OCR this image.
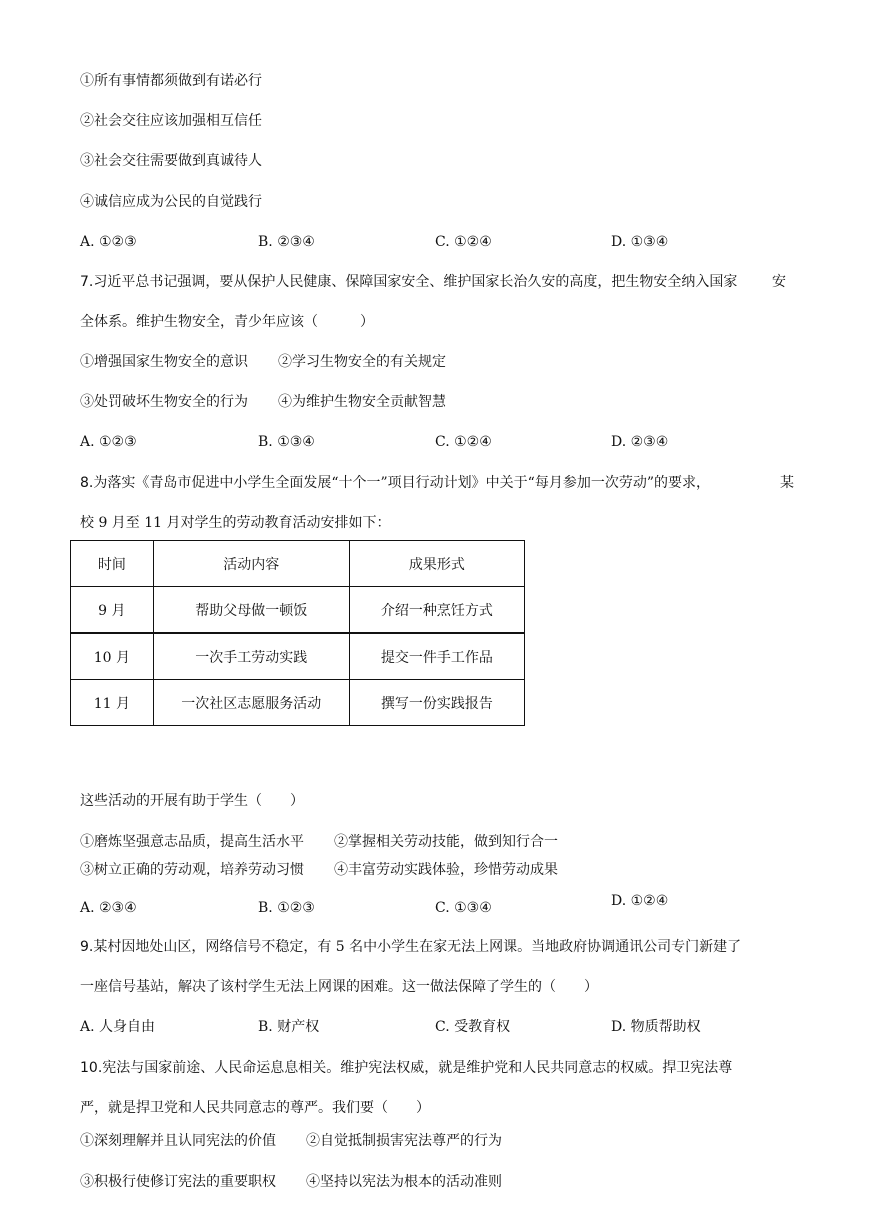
①所有事情都须做到有诺必行
②社会交往应该加强相互信任
③社会交往需要做到真诚待人
④诚信应成为公民的自觉践行
A. ①②③	B. ②③④	C. ①②④	D. ①③④
7.习近平总书记强调，要从保护人民健康、保障国家安全、维护国家长治久安的高度，把生物安全纳入国家 安
全体系。维护生物安全，青少年应该（　　　）
①增强国家生物安全的意识 ②学习生物安全的有关规定
③处罚破坏生物安全的行为 ④为维护生物安全贡献智慧
A. ①②③	B. ①③④	C. ①②④	D. ②③④
8.为落实《青岛市促进中小学生全面发展“十个一”项目行动计划》中关于“每月参加一次劳动”的要求，	某
校 9 月至 11 月对学生的劳动教育活动安排如下：
时间	活动内容	成果形式
9 月	帮助父母做一顿饭	介绍一种烹饪方式
10 月	一次手工劳动实践	提交一件手工作品
11 月	一次社区志愿服务活动	撰写一份实践报告
这些活动的开展有助于学生（　　）
①磨炼坚强意志品质，提高生活水平 ②掌握相关劳动技能，做到知行合一
③树立正确的劳动观，培养劳动习惯 ④丰富劳动实践体验，珍惜劳动成果
A. ②③④	B. ①②③	C. ①③④	D. ①②④
9.某村因地处山区，网络信号不稳定，有 5 名中小学生在家无法上网课。当地政府协调通讯公司专门新建了
一座信号基站，解决了该村学生无法上网课的困难。这一做法保障了学生的（　　）
A. 人身自由	B. 财产权	C. 受教育权	D. 物质帮助权
10.宪法与国家前途、人民命运息息相关。维护宪法权威，就是维护党和人民共同意志的权威。捍卫宪法尊
严，就是捍卫党和人民共同意志的尊严。我们要（　　）
①深刻理解并且认同宪法的价值 ②自觉抵制损害宪法尊严的行为
③积极行使修订宪法的重要职权 ④坚持以宪法为根本的活动准则
